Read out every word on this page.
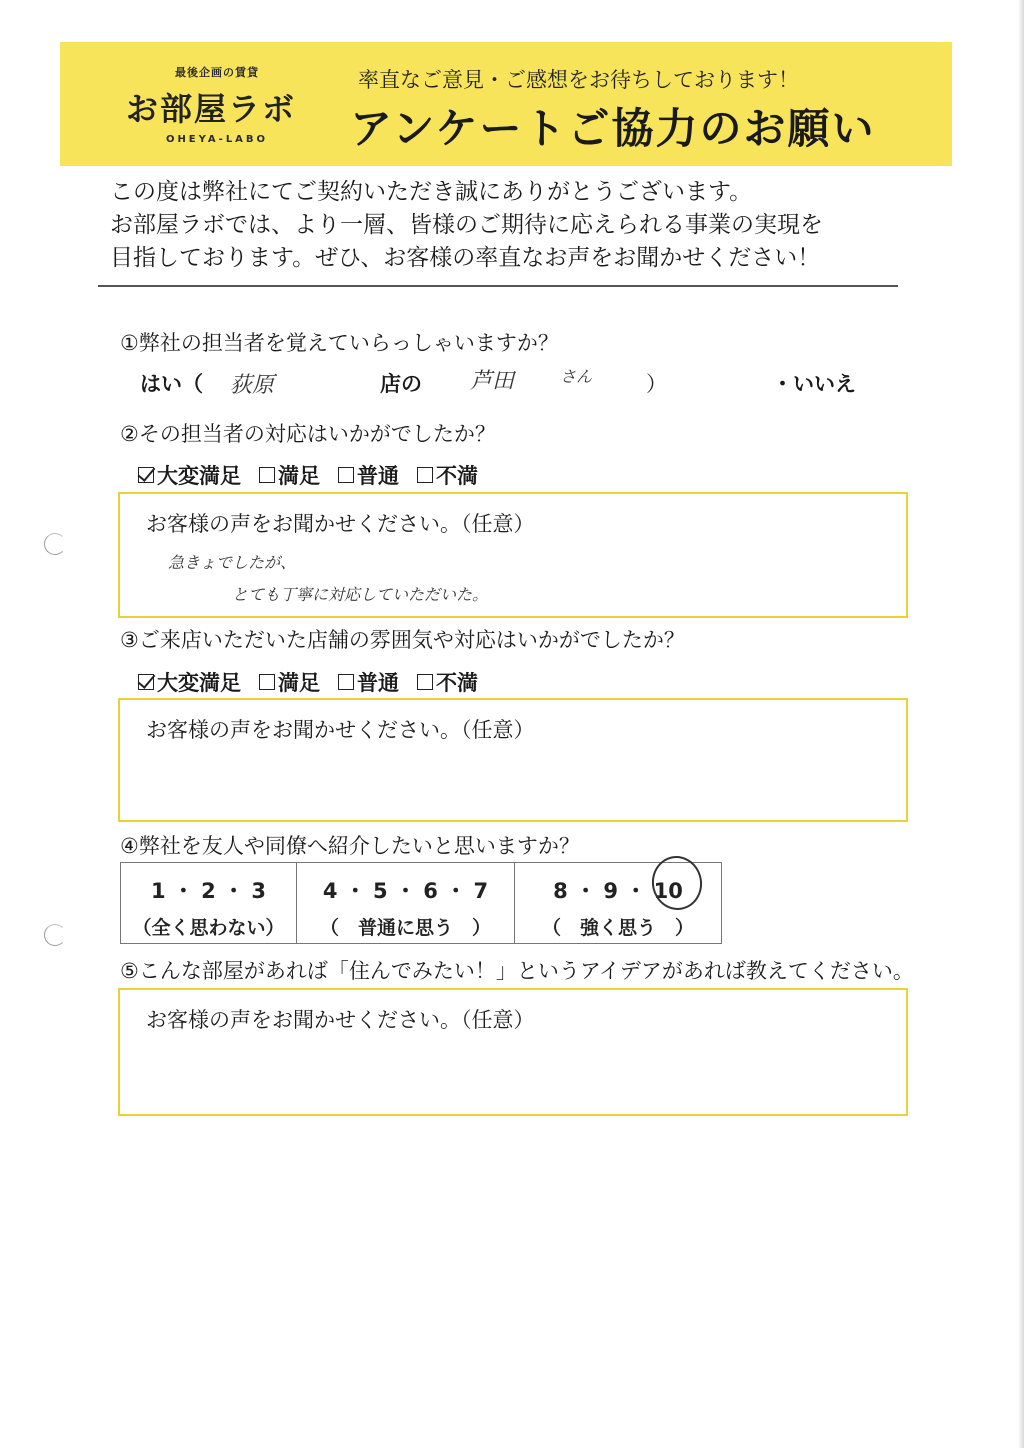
最後企画の賃貸
お部屋ラボ
OHEYA-LABO
率直なご意見・ご感想をお待ちしております！
アンケートご協力のお願い

この度は弊社にてご契約いただき誠にありがとうございます。

お部屋ラボでは、より一層、皆様のご期待に応えられる事業の実現を

目指しております。ぜひ、お客様の率直なお声をお聞かせください！

①弊社の担当者を覚えていらっしゃいますか？
はい（ 荻原	店の 芦田	さん	）	・いいえ
②その担当者の対応はいかがでしたか？
大変満足 満足 普通 不満
お客様の声をお聞かせください。（任意）
急きょでしたが、
とても丁寧に対応していただいた。
③ご来店いただいた店舗の雰囲気や対応はいかがでしたか？
大変満足 満足 普通 不満
お客様の声をお聞かせください。（任意）
④弊社を友人や同僚へ紹介したいと思いますか？
1 ・ 2 ・ 3
（全く思わない）
4 ・ 5 ・ 6 ・ 7
（　普通に思う　）
8 ・ 9 ・ 10
（　強く思う　）
⑤こんな部屋があれば「住んでみたい！」というアイデアがあれば教えてください。
お客様の声をお聞かせください。（任意）
